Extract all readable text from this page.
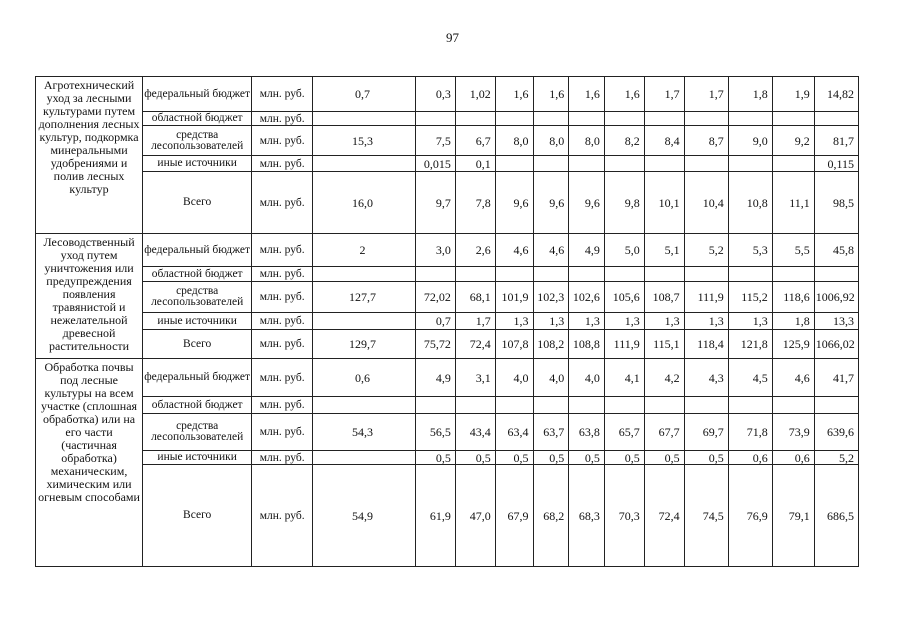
97
Агротехнический уход за лесными культурами путем дополнения лесных культур, подкормка минеральными удобрениями и полив лесных культур	федеральный бюджет	млн. руб.	0,7	0,3	1,02	1,6	1,6	1,6	1,6	1,7	1,7	1,8	1,9	14,82
	областной бюджет	млн. руб.												
	средства лесопользователей	млн. руб.	15,3	7,5	6,7	8,0	8,0	8,0	8,2	8,4	8,7	9,0	9,2	81,7
	иные источники	млн. руб.		0,015	0,1									0,115
	Всего	млн. руб.	16,0	9,7	7,8	9,6	9,6	9,6	9,8	10,1	10,4	10,8	11,1	98,5
Лесоводственный уход путем уничтожения или предупреждения появления травянистой и нежелательной древесной растительности	федеральный бюджет	млн. руб.	2	3,0	2,6	4,6	4,6	4,9	5,0	5,1	5,2	5,3	5,5	45,8
	областной бюджет	млн. руб.												
	средства лесопользователей	млн. руб.	127,7	72,02	68,1	101,9	102,3	102,6	105,6	108,7	111,9	115,2	118,6	1006,92
	иные источники	млн. руб.		0,7	1,7	1,3	1,3	1,3	1,3	1,3	1,3	1,3	1,8	13,3
	Всего	млн. руб.	129,7	75,72	72,4	107,8	108,2	108,8	111,9	115,1	118,4	121,8	125,9	1066,02
Обработка почвы под лесные культуры на всем участке (сплошная обработка) или на его части (частичная обработка) механическим, химическим или огневым способами	федеральный бюджет	млн. руб.	0,6	4,9	3,1	4,0	4,0	4,0	4,1	4,2	4,3	4,5	4,6	41,7
	областной бюджет	млн. руб.												
	средства лесопользователей	млн. руб.	54,3	56,5	43,4	63,4	63,7	63,8	65,7	67,7	69,7	71,8	73,9	639,6
	иные источники	млн. руб.		0,5	0,5	0,5	0,5	0,5	0,5	0,5	0,5	0,6	0,6	5,2
	Всего	млн. руб.	54,9	61,9	47,0	67,9	68,2	68,3	70,3	72,4	74,5	76,9	79,1	686,5
